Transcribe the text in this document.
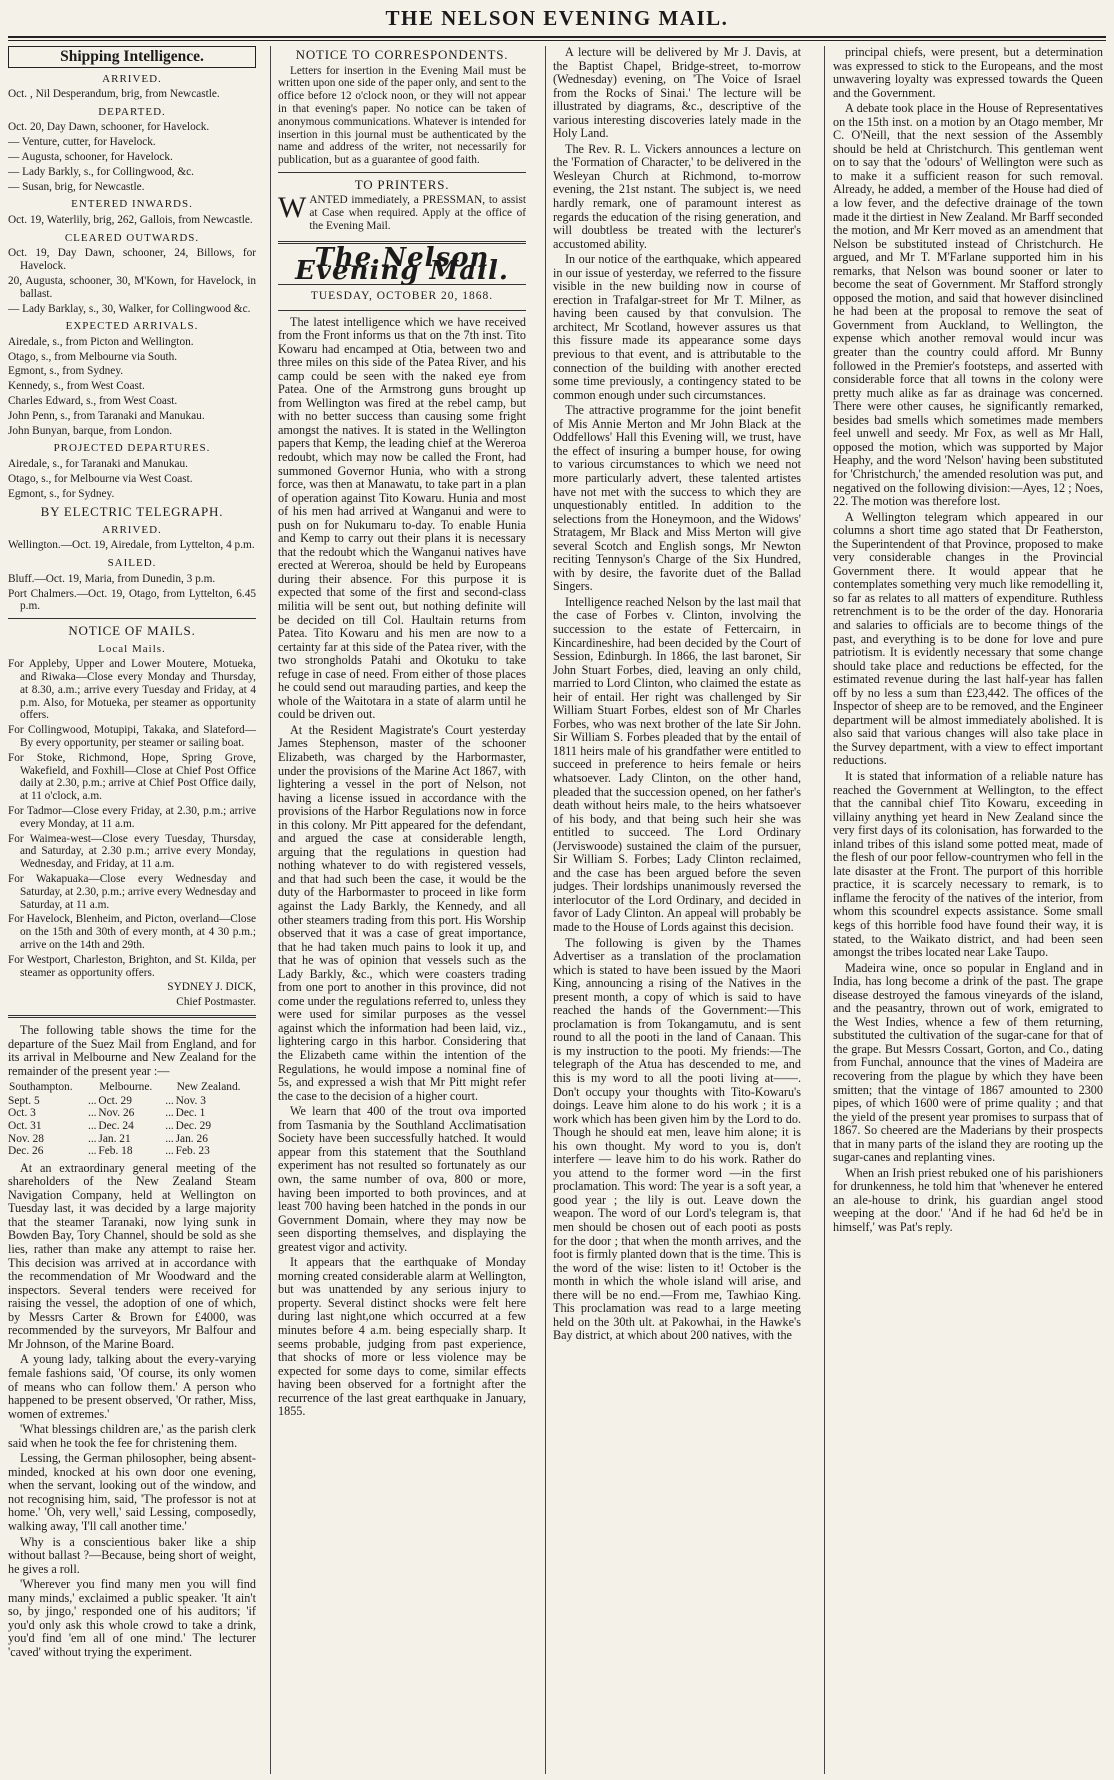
THE NELSON EVENING MAIL.
Shipping Intelligence.
ARRIVED.

Oct. , Nil Desperandum, brig, from Newcastle.

DEPARTED.

Oct. 20, Day Dawn, schooner, for Havelock.

— Venture, cutter, for Havelock.

— Augusta, schooner, for Havelock.

— Lady Barkly, s., for Collingwood, &c.

— Susan, brig, for Newcastle.

ENTERED INWARDS.

Oct. 19, Waterlily, brig, 262, Gallois, from Newcastle.

CLEARED OUTWARDS.

Oct. 19, Day Dawn, schooner, 24, Billows, for Havelock.

20, Augusta, schooner, 30, M'Kown, for Havelock, in ballast.

— Lady Barklay, s., 30, Walker, for Collingwood &c.

EXPECTED ARRIVALS.

Airedale, s., from Picton and Wellington.

Otago, s., from Melbourne via South.

Egmont, s., from Sydney.

Kennedy, s., from West Coast.

Charles Edward, s., from West Coast.

John Penn, s., from Taranaki and Manukau.

John Bunyan, barque, from London.

PROJECTED DEPARTURES.

Airedale, s., for Taranaki and Manukau.

Otago, s., for Melbourne via West Coast.

Egmont, s., for Sydney.

BY ELECTRIC TELEGRAPH.
ARRIVED.

Wellington.—Oct. 19, Airedale, from Lyttelton, 4 p.m.

SAILED.

Bluff.—Oct. 19, Maria, from Dunedin, 3 p.m.

Port Chalmers.—Oct. 19, Otago, from Lyttelton, 6.45 p.m.

NOTICE OF MAILS.
Local Mails.

For Appleby, Upper and Lower Moutere, Motueka, and Riwaka—Close every Monday and Thursday, at 8.30, a.m.; arrive every Tuesday and Friday, at 4 p.m. Also, for Motueka, per steamer as opportunity offers.

For Collingwood, Motupipi, Takaka, and Slateford—By every opportunity, per steamer or sailing boat.

For Stoke, Richmond, Hope, Spring Grove, Wakefield, and Foxhill—Close at Chief Post Office daily at 2.30, p.m.; arrive at Chief Post Office daily, at 11 o'clock, a.m.

For Tadmor—Close every Friday, at 2.30, p.m.; arrive every Monday, at 11 a.m.

For Waimea-west—Close every Tuesday, Thursday, and Saturday, at 2.30 p.m.; arrive every Monday, Wednesday, and Friday, at 11 a.m.

For Wakapuaka—Close every Wednesday and Saturday, at 2.30, p.m.; arrive every Wednesday and Saturday, at 11 a.m.

For Havelock, Blenheim, and Picton, overland—Close on the 15th and 30th of every month, at 4 30 p.m.; arrive on the 14th and 29th.

For Westport, Charleston, Brighton, and St. Kilda, per steamer as opportunity offers.

SYDNEY J. DICK,

Chief Postmaster.

The following table shows the time for the departure of the Suez Mail from England, and for its arrival in Melbourne and New Zealand for the remainder of the present year :—

Southampton.		Melbourne.		New Zealand.
Sept. 5	...	Oct. 29	...	Nov. 3
Oct. 3	...	Nov. 26	...	Dec. 1
Oct. 31	...	Dec. 24	...	Dec. 29
Nov. 28	...	Jan. 21	...	Jan. 26
Dec. 26	...	Feb. 18	...	Feb. 23

At an extraordinary general meeting of the shareholders of the New Zealand Steam Navigation Company, held at Wellington on Tuesday last, it was decided by a large majority that the steamer Taranaki, now lying sunk in Bowden Bay, Tory Channel, should be sold as she lies, rather than make any attempt to raise her. This decision was arrived at in accordance with the recommendation of Mr Woodward and the inspectors. Several tenders were received for raising the vessel, the adoption of one of which, by Messrs Carter & Brown for £4000, was recommended by the surveyors, Mr Balfour and Mr Johnson, of the Marine Board.

A young lady, talking about the every-varying female fashions said, 'Of course, its only women of means who can follow them.' A person who happened to be present observed, 'Or rather, Miss, women of extremes.'

'What blessings children are,' as the parish clerk said when he took the fee for christening them.

Lessing, the German philosopher, being absent-minded, knocked at his own door one evening, when the servant, looking out of the window, and not recognising him, said, 'The professor is not at home.' 'Oh, very well,' said Lessing, composedly, walking away, 'I'll call another time.'

Why is a conscientious baker like a ship without ballast ?—Because, being short of weight, he gives a roll.

'Wherever you find many men you will find many minds,' exclaimed a public speaker. 'It ain't so, by jingo,' responded one of his auditors; 'if you'd only ask this whole crowd to take a drink, you'd find 'em all of one mind.' The lecturer 'caved' without trying the experiment.

NOTICE TO CORRESPONDENTS.

Letters for insertion in the Evening Mail must be written upon one side of the paper only, and sent to the office before 12 o'clock noon, or they will not appear in that evening's paper. No notice can be taken of anonymous communications. Whatever is intended for insertion in this journal must be authenticated by the name and address of the writer, not necessarily for publication, but as a guarantee of good faith.

TO PRINTERS.

WANTED immediately, a PRESSMAN, to assist at Case when required. Apply at the office of the Evening Mail.

The Nelson Evening Mail.
TUESDAY, OCTOBER 20, 1868.

The latest intelligence which we have received from the Front informs us that on the 7th inst. Tito Kowaru had encamped at Otia, between two and three miles on this side of the Patea River, and his camp could be seen with the naked eye from Patea. One of the Armstrong guns brought up from Wellington was fired at the rebel camp, but with no better success than causing some fright amongst the natives. It is stated in the Wellington papers that Kemp, the leading chief at the Wereroa redoubt, which may now be called the Front, had summoned Governor Hunia, who with a strong force, was then at Manawatu, to take part in a plan of operation against Tito Kowaru. Hunia and most of his men had arrived at Wanganui and were to push on for Nukumaru to-day. To enable Hunia and Kemp to carry out their plans it is necessary that the redoubt which the Wanganui natives have erected at Wereroa, should be held by Europeans during their absence. For this purpose it is expected that some of the first and second-class militia will be sent out, but nothing definite will be decided on till Col. Haultain returns from Patea. Tito Kowaru and his men are now to a certainty far at this side of the Patea river, with the two strongholds Patahi and Okotuku to take refuge in case of need. From either of those places he could send out marauding parties, and keep the whole of the Waitotara in a state of alarm until he could be driven out.

At the Resident Magistrate's Court yesterday James Stephenson, master of the schooner Elizabeth, was charged by the Harbormaster, under the provisions of the Marine Act 1867, with lightering a vessel in the port of Nelson, not having a license issued in accordance with the provisions of the Harbor Regulations now in force in this colony. Mr Pitt appeared for the defendant, and argued the case at considerable length, arguing that the regulations in question had nothing whatever to do with registered vessels, and that had such been the case, it would be the duty of the Harbormaster to proceed in like form against the Lady Barkly, the Kennedy, and all other steamers trading from this port. His Worship observed that it was a case of great importance, that he had taken much pains to look it up, and that he was of opinion that vessels such as the Lady Barkly, &c., which were coasters trading from one port to another in this province, did not come under the regulations referred to, unless they were used for similar purposes as the vessel against which the information had been laid, viz., lightering cargo in this harbor. Considering that the Elizabeth came within the intention of the Regulations, he would impose a nominal fine of 5s, and expressed a wish that Mr Pitt might refer the case to the decision of a higher court.

We learn that 400 of the trout ova imported from Tasmania by the Southland Acclimatisation Society have been successfully hatched. It would appear from this statement that the Southland experiment has not resulted so fortunately as our own, the same number of ova, 800 or more, having been imported to both provinces, and at least 700 having been hatched in the ponds in our Government Domain, where they may now be seen disporting themselves, and displaying the greatest vigor and activity.

It appears that the earthquake of Monday morning created considerable alarm at Wellington, but was unattended by any serious injury to property. Several distinct shocks were felt here during last night,one which occurred at a few minutes before 4 a.m. being especially sharp. It seems probable, judging from past experience, that shocks of more or less violence may be expected for some days to come, similar effects having been observed for a fortnight after the recurrence of the last great earthquake in January, 1855.

A lecture will be delivered by Mr J. Davis, at the Baptist Chapel, Bridge-street, to-morrow (Wednesday) evening, on 'The Voice of Israel from the Rocks of Sinai.' The lecture will be illustrated by diagrams, &c., descriptive of the various interesting discoveries lately made in the Holy Land.

The Rev. R. L. Vickers announces a lecture on the 'Formation of Character,' to be delivered in the Wesleyan Church at Richmond, to-morrow evening, the 21st nstant. The subject is, we need hardly remark, one of paramount interest as regards the education of the rising generation, and will doubtless be treated with the lecturer's accustomed ability.

In our notice of the earthquake, which appeared in our issue of yesterday, we referred to the fissure visible in the new building now in course of erection in Trafalgar-street for Mr T. Milner, as having been caused by that convulsion. The architect, Mr Scotland, however assures us that this fissure made its appearance some days previous to that event, and is attributable to the connection of the building with another erected some time previously, a contingency stated to be common enough under such circumstances.

The attractive programme for the joint benefit of Mis Annie Merton and Mr John Black at the Oddfellows' Hall this Evening will, we trust, have the effect of insuring a bumper house, for owing to various circumstances to which we need not more particularly advert, these talented artistes have not met with the success to which they are unquestionably entitled. In addition to the selections from the Honeymoon, and the Widows' Stratagem, Mr Black and Miss Merton will give several Scotch and English songs, Mr Newton reciting Tennyson's Charge of the Six Hundred, with by desire, the favorite duet of the Ballad Singers.

Intelligence reached Nelson by the last mail that the case of Forbes v. Clinton, involving the succession to the estate of Fettercairn, in Kincardineshire, had been decided by the Court of Session, Edinburgh. In 1866, the last baronet, Sir John Stuart Forbes, died, leaving an only child, married to Lord Clinton, who claimed the estate as heir of entail. Her right was challenged by Sir William Stuart Forbes, eldest son of Mr Charles Forbes, who was next brother of the late Sir John. Sir William S. Forbes pleaded that by the entail of 1811 heirs male of his grandfather were entitled to succeed in preference to heirs female or heirs whatsoever. Lady Clinton, on the other hand, pleaded that the succession opened, on her father's death without heirs male, to the heirs whatsoever of his body, and that being such heir she was entitled to succeed. The Lord Ordinary (Jerviswoode) sustained the claim of the pursuer, Sir William S. Forbes; Lady Clinton reclaimed, and the case has been argued before the seven judges. Their lordships unanimously reversed the interlocutor of the Lord Ordinary, and decided in favor of Lady Clinton. An appeal will probably be made to the House of Lords against this decision.

The following is given by the Thames Advertiser as a translation of the proclamation which is stated to have been issued by the Maori King, announcing a rising of the Natives in the present month, a copy of which is said to have reached the hands of the Government:—This proclamation is from Tokangamutu, and is sent round to all the pooti in the land of Canaan. This is my instruction to the pooti. My friends:—The telegraph of the Atua has descended to me, and this is my word to all the pooti living at——. Don't occupy your thoughts with Tito-Kowaru's doings. Leave him alone to do his work ; it is a work which has been given him by the Lord to do. Though he should eat men, leave him alone; it is his own thought. My word to you is, don't interfere — leave him to do his work. Rather do you attend to the former word —in the first proclamation. This word: The year is a soft year, a good year ; the lily is out. Leave down the weapon. The word of our Lord's telegram is, that men should be chosen out of each pooti as posts for the door ; that when the month arrives, and the foot is firmly planted down that is the time. This is the word of the wise: listen to it! October is the month in which the whole island will arise, and there will be no end.—From me, Tawhiao King. This proclamation was read to a large meeting held on the 30th ult. at Pakowhai, in the Hawke's Bay district, at which about 200 natives, with the

principal chiefs, were present, but a determination was expressed to stick to the Europeans, and the most unwavering loyalty was expressed towards the Queen and the Government.

A debate took place in the House of Representatives on the 15th inst. on a motion by an Otago member, Mr C. O'Neill, that the next session of the Assembly should be held at Christchurch. This gentleman went on to say that the 'odours' of Wellington were such as to make it a sufficient reason for such removal. Already, he added, a member of the House had died of a low fever, and the defective drainage of the town made it the dirtiest in New Zealand. Mr Barff seconded the motion, and Mr Kerr moved as an amendment that Nelson be substituted instead of Christchurch. He argued, and Mr T. M'Farlane supported him in his remarks, that Nelson was bound sooner or later to become the seat of Government. Mr Stafford strongly opposed the motion, and said that however disinclined he had been at the proposal to remove the seat of Government from Auckland, to Wellington, the expense which another removal would incur was greater than the country could afford. Mr Bunny followed in the Premier's footsteps, and asserted with considerable force that all towns in the colony were pretty much alike as far as drainage was concerned. There were other causes, he significantly remarked, besides bad smells which sometimes made members feel unwell and seedy. Mr Fox, as well as Mr Hall, opposed the motion, which was supported by Major Heaphy, and the word 'Nelson' having been substituted for 'Christchurch,' the amended resolution was put, and negatived on the following division:—Ayes, 12 ; Noes, 22. The motion was therefore lost.

A Wellington telegram which appeared in our columns a short time ago stated that Dr Featherston, the Superintendent of that Province, proposed to make very considerable changes in the Provincial Government there. It would appear that he contemplates something very much like remodelling it, so far as relates to all matters of expenditure. Ruthless retrenchment is to be the order of the day. Honoraria and salaries to officials are to become things of the past, and everything is to be done for love and pure patriotism. It is evidently necessary that some change should take place and reductions be effected, for the estimated revenue during the last half-year has fallen off by no less a sum than £23,442. The offices of the Inspector of sheep are to be removed, and the Engineer department will be almost immediately abolished. It is also said that various changes will also take place in the Survey department, with a view to effect important reductions.

It is stated that information of a reliable nature has reached the Government at Wellington, to the effect that the cannibal chief Tito Kowaru, exceeding in villainy anything yet heard in New Zealand since the very first days of its colonisation, has forwarded to the inland tribes of this island some potted meat, made of the flesh of our poor fellow-countrymen who fell in the late disaster at the Front. The purport of this horrible practice, it is scarcely necessary to remark, is to inflame the ferocity of the natives of the interior, from whom this scoundrel expects assistance. Some small kegs of this horrible food have found their way, it is stated, to the Waikato district, and had been seen amongst the tribes located near Lake Taupo.

Madeira wine, once so popular in England and in India, has long become a drink of the past. The grape disease destroyed the famous vineyards of the island, and the peasantry, thrown out of work, emigrated to the West Indies, whence a few of them returning, substituted the cultivation of the sugar-cane for that of the grape. But Messrs Cossart, Gorton, and Co., dating from Funchal, announce that the vines of Madeira are recovering from the plague by which they have been smitten; that the vintage of 1867 amounted to 2300 pipes, of which 1600 were of prime quality ; and that the yield of the present year promises to surpass that of 1867. So cheered are the Maderians by their prospects that in many parts of the island they are rooting up the sugar-canes and replanting vines.

When an Irish priest rebuked one of his parishioners for drunkenness, he told him that 'whenever he entered an ale-house to drink, his guardian angel stood weeping at the door.' 'And if he had 6d he'd be in himself,' was Pat's reply.
